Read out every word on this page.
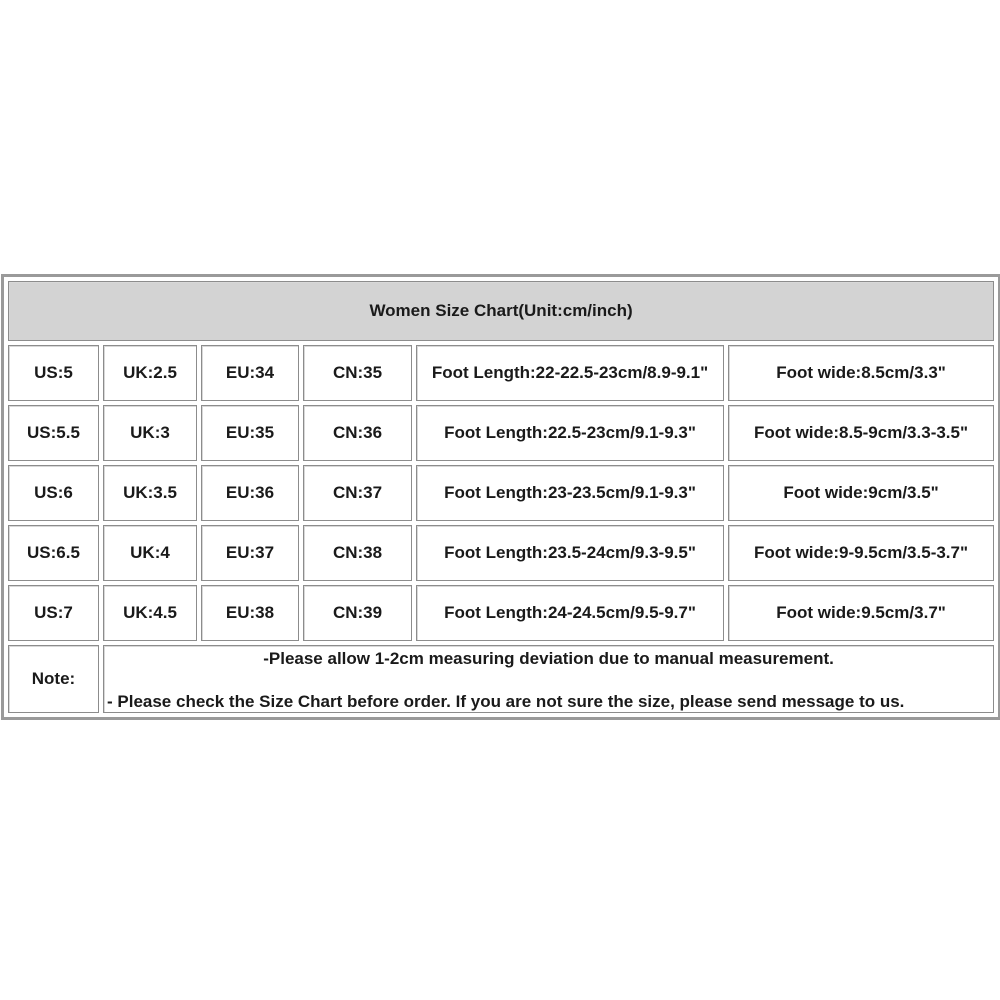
Women Size Chart(Unit:cm/inch)					
US:5	UK:2.5	EU:34	CN:35	Foot Length:22-22.5-23cm/8.9-9.1"	Foot wide:8.5cm/3.3"
US:5.5	UK:3	EU:35	CN:36	Foot Length:22.5-23cm/9.1-9.3"	Foot wide:8.5-9cm/3.3-3.5"
US:6	UK:3.5	EU:36	CN:37	Foot Length:23-23.5cm/9.1-9.3"	Foot wide:9cm/3.5"
US:6.5	UK:4	EU:37	CN:38	Foot Length:23.5-24cm/9.3-9.5"	Foot wide:9-9.5cm/3.5-3.7"
US:7	UK:4.5	EU:38	CN:39	Foot Length:24-24.5cm/9.5-9.7"	Foot wide:9.5cm/3.7"
Note:	-Please allow 1-2cm measuring deviation due to manual measurement.
- Please check the Size Chart before order. If you are not sure the size, please send message to us.				
